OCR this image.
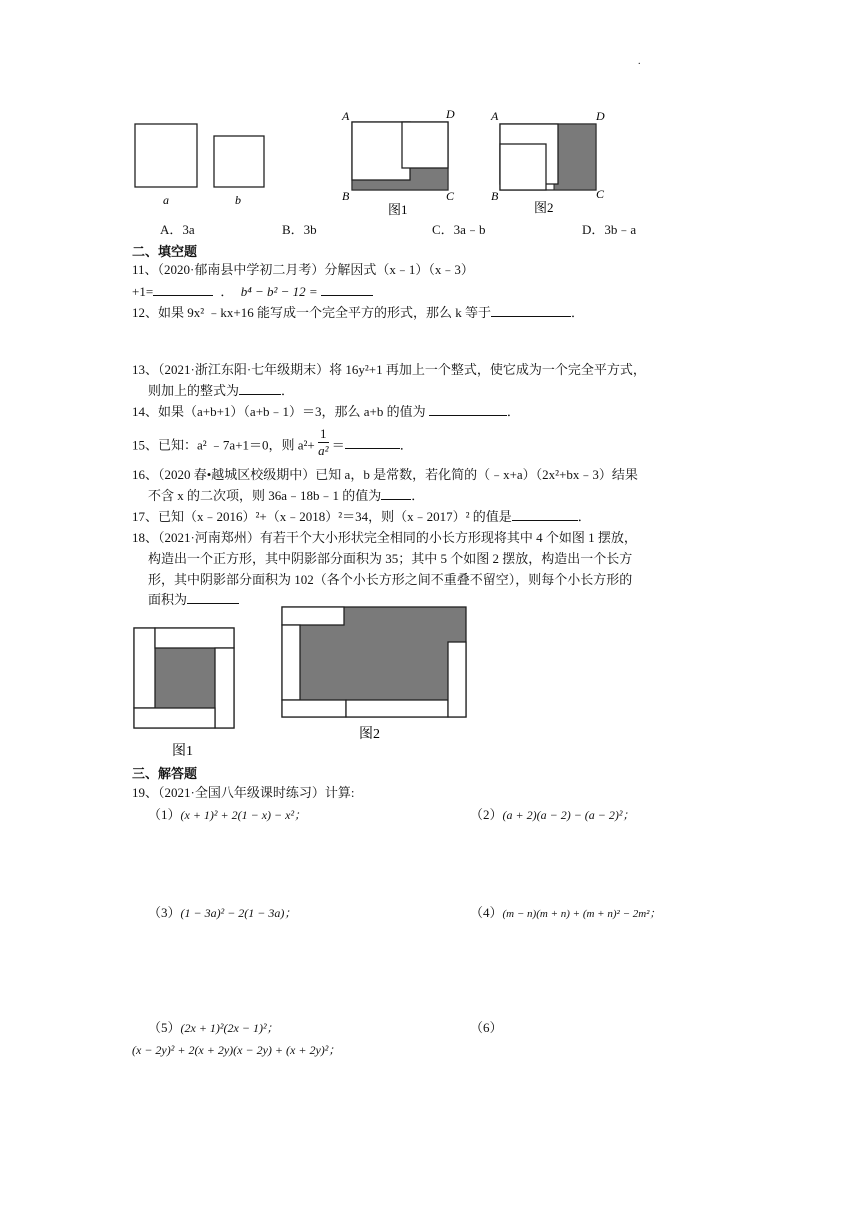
.
a	b
A	D
B	C
图1
A	D
B	C
图2
A．3a	B．3b	C．3a﹣b	D．3b﹣a
二、填空题
11、（2020·郁南县中学初二月考）分解因式（x﹣1）（x﹣3）
+1=	． b⁴ − b² − 12 =
12、如果 9x² ﹣kx+16 能写成一个完全平方的形式，那么 k 等于	．
13、（2021·浙江东阳·七年级期末）将 16y²+1 再加上一个整式，使它成为一个完全平方式，
则加上的整式为	．
14、如果（a+b+1）（a+b﹣1）＝3，那么 a+b 的值为	．
15、已知：a² ﹣7a+1＝0，则 $a^2+ \frac{1}{\text{a²}}$ ＝	．
16、（2020 春•越城区校级期中）已知 a，b 是常数，若化简的（﹣x+a）（2x²+bx﹣3）结果
不含 x 的二次项，则 36a﹣18b﹣1 的值为 ．
17、已知（x﹣2016）²+（x﹣2018）²＝34，则（x﹣2017）² 的值是	．
18、（2021·河南郑州）有若干个大小形状完全相同的小长方形现将其中 4 个如图 1 摆放，
构造出一个正方形，其中阴影部分面积为 35；其中 5 个如图 2 摆放，构造出一个长方
形，其中阴影部分面积为 102（各个小长方形之间不重叠不留空），则每个小长方形的
面积为
图1
图2
三、解答题
19、（2021·全国八年级课时练习）计算:
（1）(x + 1)² + 2(1 − x) − x²；	（2）(a + 2)(a − 2) − (a − 2)²；
（3）(1 − 3a)² − 2(1 − 3a)；	（4）(m − n)(m + n) + (m + n)² − 2m²；
（5）(2x + 1)²(2x − 1)²；	（6）
(x − 2y)² + 2(x + 2y)(x − 2y) + (x + 2y)²；
